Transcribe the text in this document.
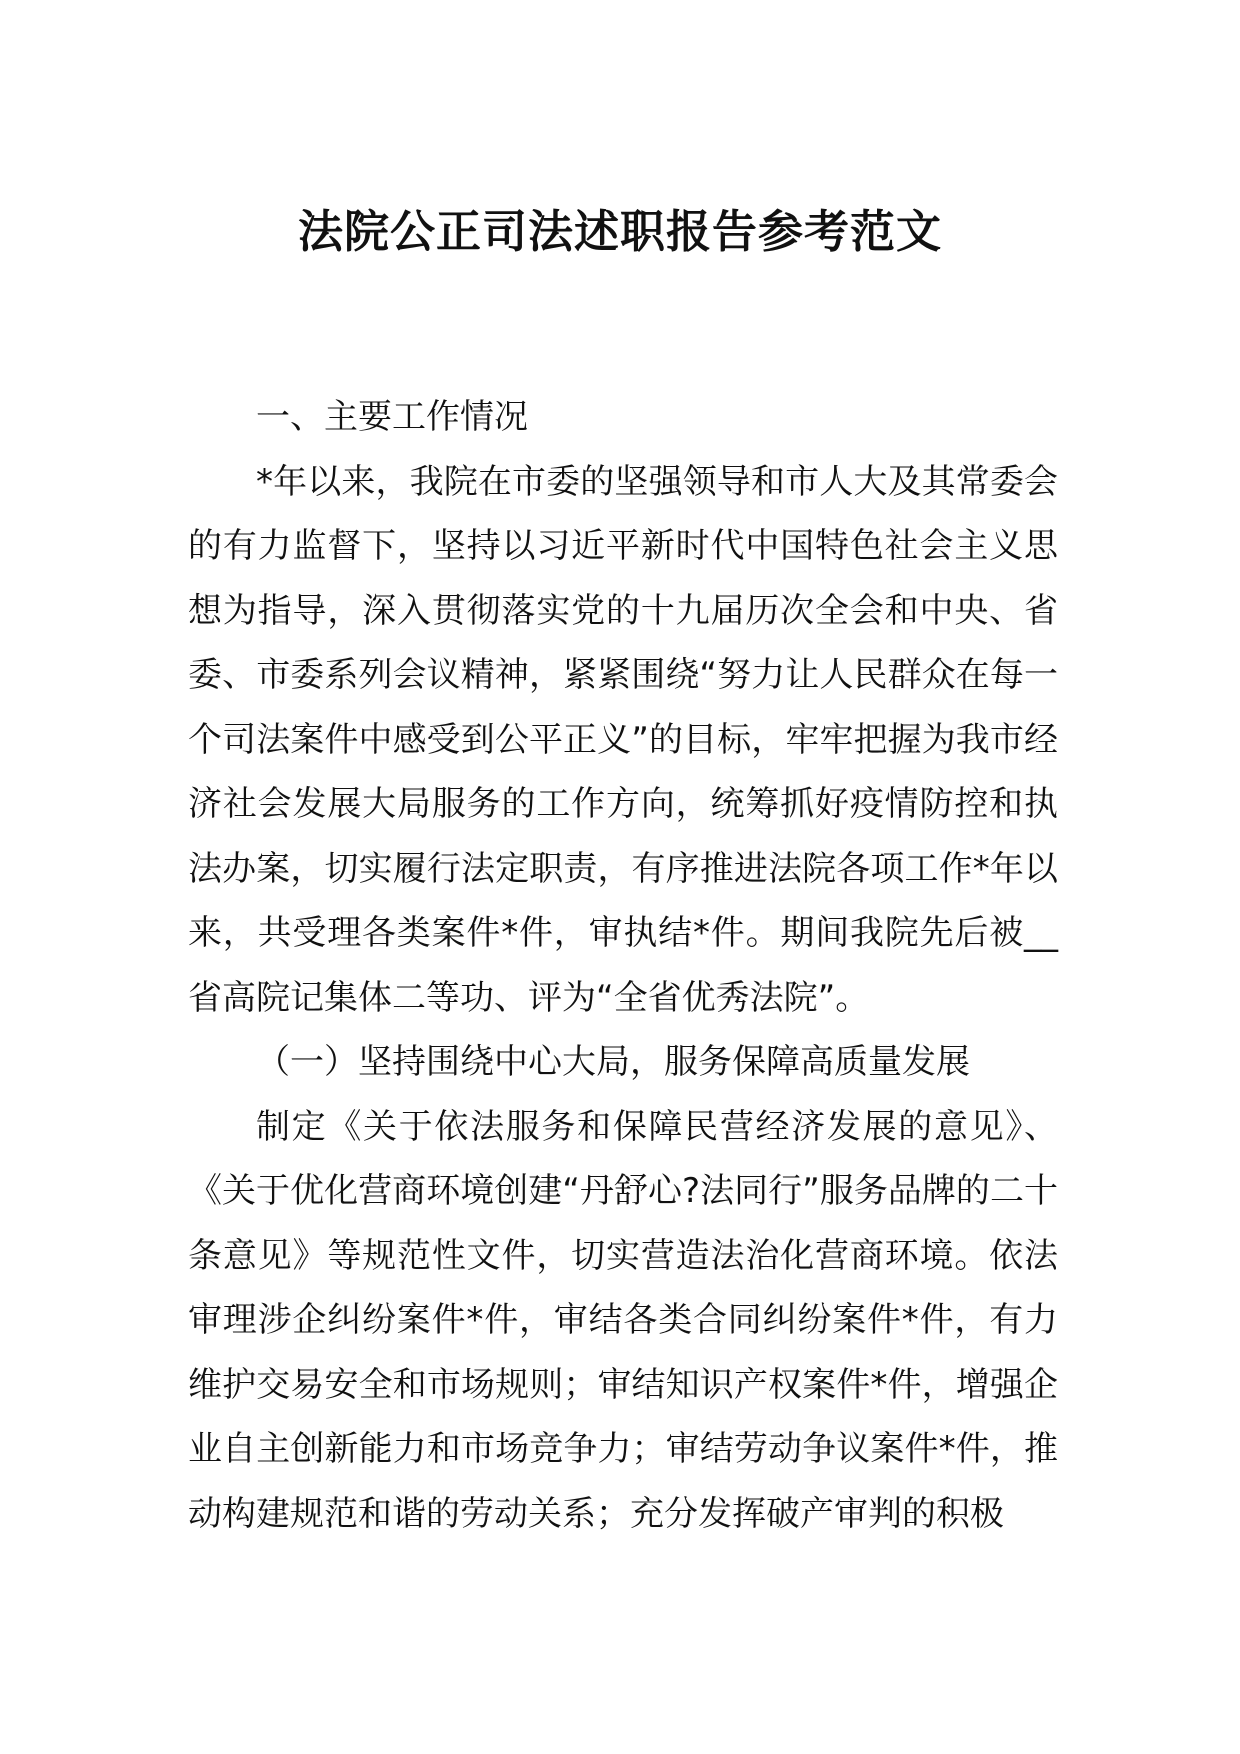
法院公正司法述职报告参考范文

一、主要工作情况

*年以来，我院在市委的坚强领导和市人大及其常委会的有力监督下，坚持以习近平新时代中国特色社会主义思想为指导，深入贯彻落实党的十九届历次全会和中央、省委、市委系列会议精神，紧紧围绕“努力让人民群众在每一个司法案件中感受到公平正义”的目标，牢牢把握为我市经济社会发展大局服务的工作方向，统筹抓好疫情防控和执法办案，切实履行法定职责，有序推进法院各项工作*年以来，共受理各类案件*件，审执结*件。期间我院先后被__省高院记集体二等功、评为“全省优秀法院”。

（一）坚持围绕中心大局，服务保障高质量发展

制定《关于依法服务和保障民营经济发展的意见》、《关于优化营商环境创建“丹舒心?法同行”服务品牌的二十条意见》等规范性文件，切实营造法治化营商环境。依法审理涉企纠纷案件*件，审结各类合同纠纷案件*件，有力维护交易安全和市场规则；审结知识产权案件*件，增强企业自主创新能力和市场竞争力；审结劳动争议案件*件，推动构建规范和谐的劳动关系；充分发挥破产审判的积极
